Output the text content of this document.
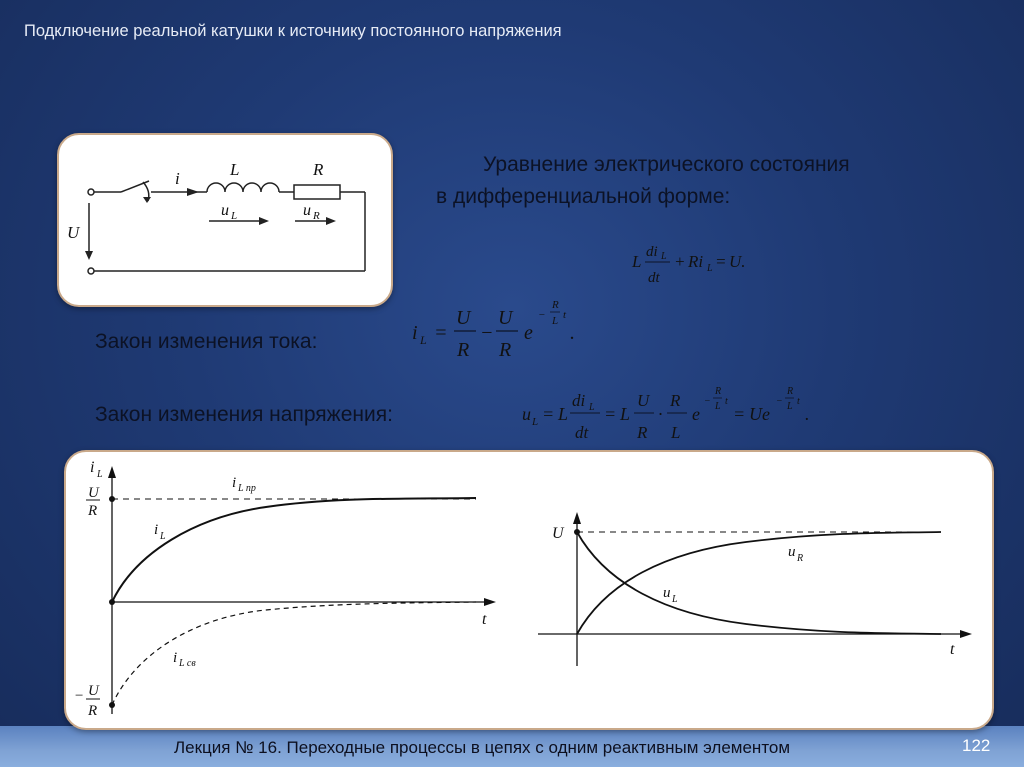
Подключение реальной катушки к источнику постоянного напряжения
i	L	R
u L	u R
U
Уравнение электрического состояния
в дифференциальной форме:
L di L
dt
+ Ri L = U.
Закон изменения тока:	i L =
U
R
−
U
R
e
−
R
L t
.
Закон изменения напряжения:	u L = L
di L
dt
= L
U
R
·
R
L
e
−
R
L t
= Ue
−
R
L t
.
i L
U
R
− U
R
i L пр
i L
i L св
t
U
u R
u L
t
Лекция № 16. Переходные процессы в цепях с одним реактивным элементом	122
